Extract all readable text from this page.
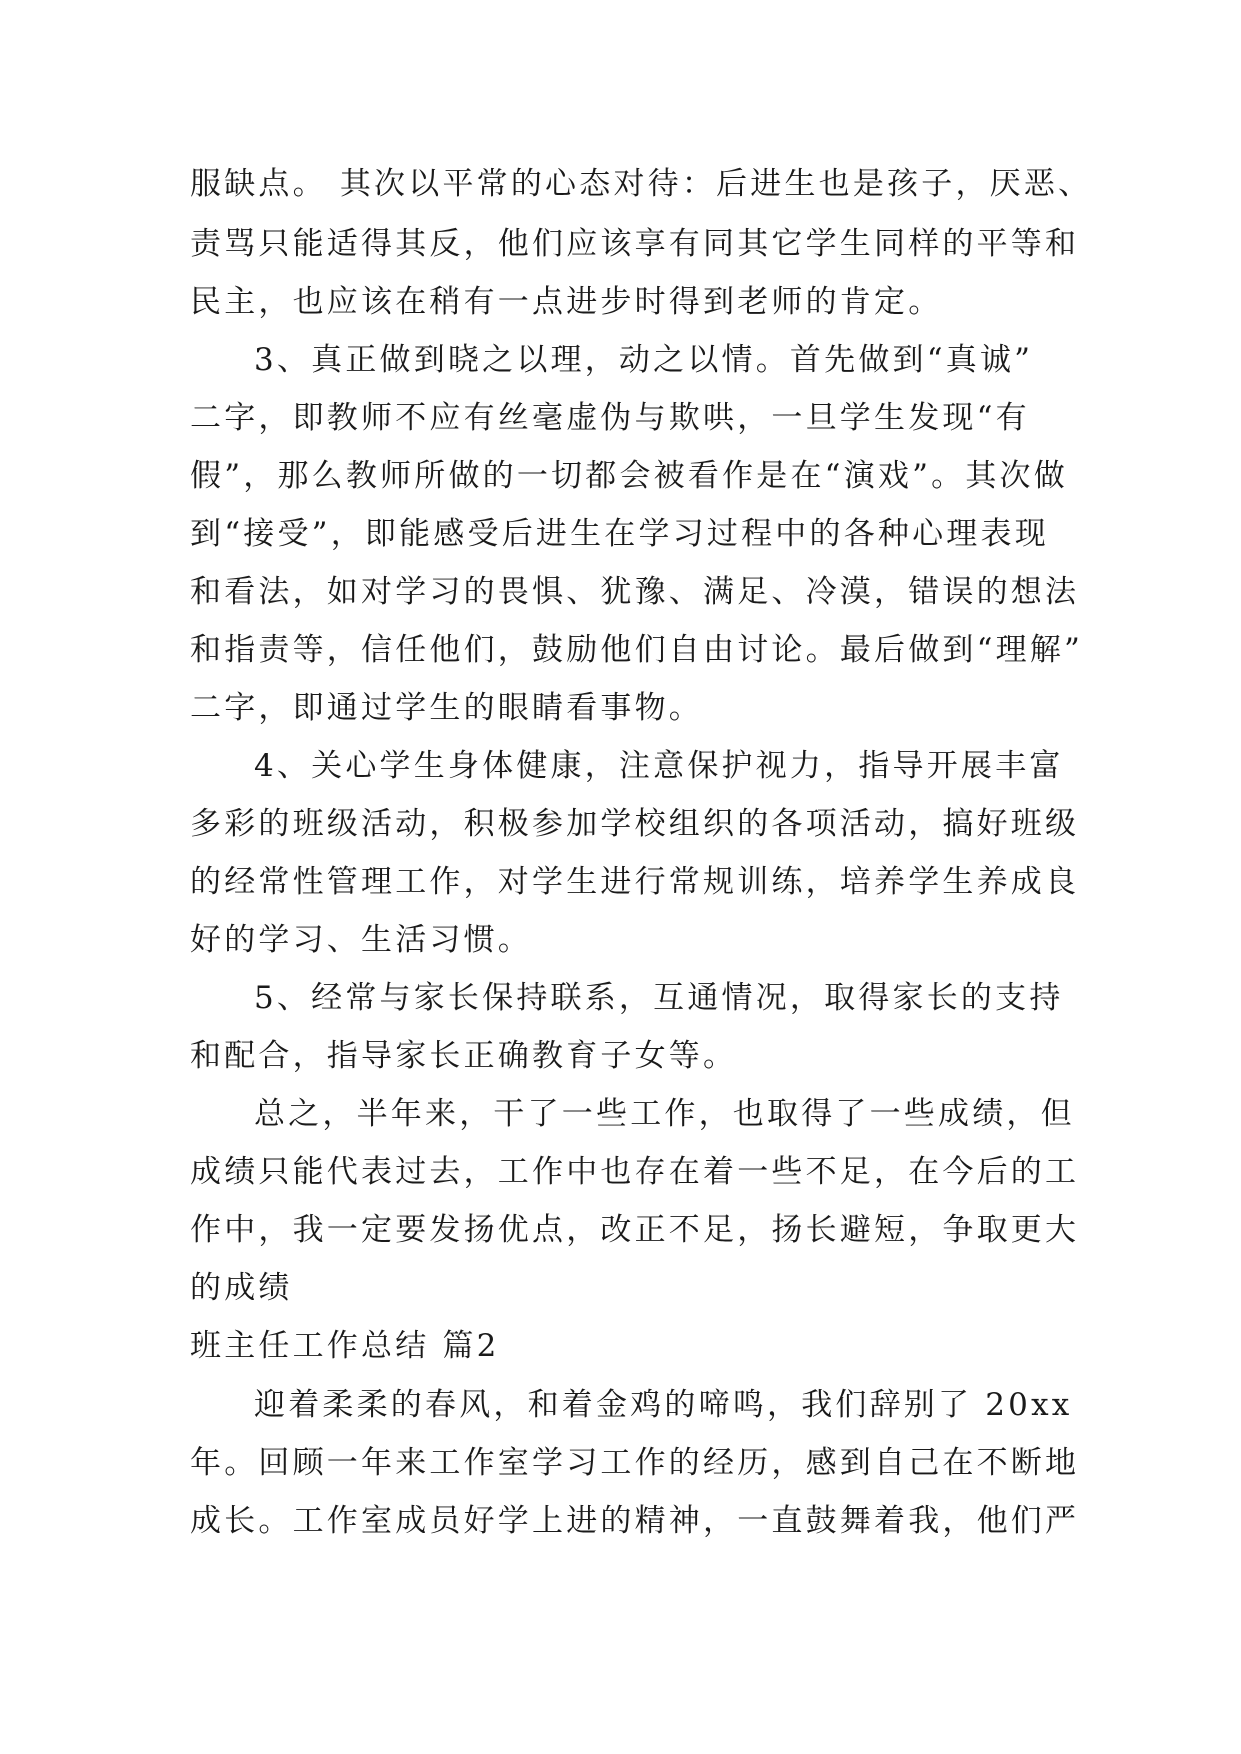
服缺点。 其次以平常的心态对待：后进生也是孩子，厌恶、
责骂只能适得其反，他们应该享有同其它学生同样的平等和
民主，也应该在稍有一点进步时得到老师的肯定。
3、真正做到晓之以理，动之以情。首先做到“真诚”
二字，即教师不应有丝毫虚伪与欺哄，一旦学生发现“有
假”，那么教师所做的一切都会被看作是在“演戏”。其次做
到“接受”，即能感受后进生在学习过程中的各种心理表现
和看法，如对学习的畏惧、犹豫、满足、冷漠，错误的想法
和指责等，信任他们，鼓励他们自由讨论。最后做到“理解”
二字，即通过学生的眼睛看事物。
4、关心学生身体健康，注意保护视力，指导开展丰富
多彩的班级活动，积极参加学校组织的各项活动，搞好班级
的经常性管理工作，对学生进行常规训练，培养学生养成良
好的学习、生活习惯。
5、经常与家长保持联系，互通情况，取得家长的支持
和配合，指导家长正确教育子女等。
总之，半年来，干了一些工作，也取得了一些成绩，但
成绩只能代表过去，工作中也存在着一些不足，在今后的工
作中，我一定要发扬优点，改正不足，扬长避短，争取更大
的成绩
班主任工作总结 篇2
迎着柔柔的春风，和着金鸡的啼鸣，我们辞别了 20xx
年。回顾一年来工作室学习工作的经历，感到自己在不断地
成长。工作室成员好学上进的精神，一直鼓舞着我，他们严
